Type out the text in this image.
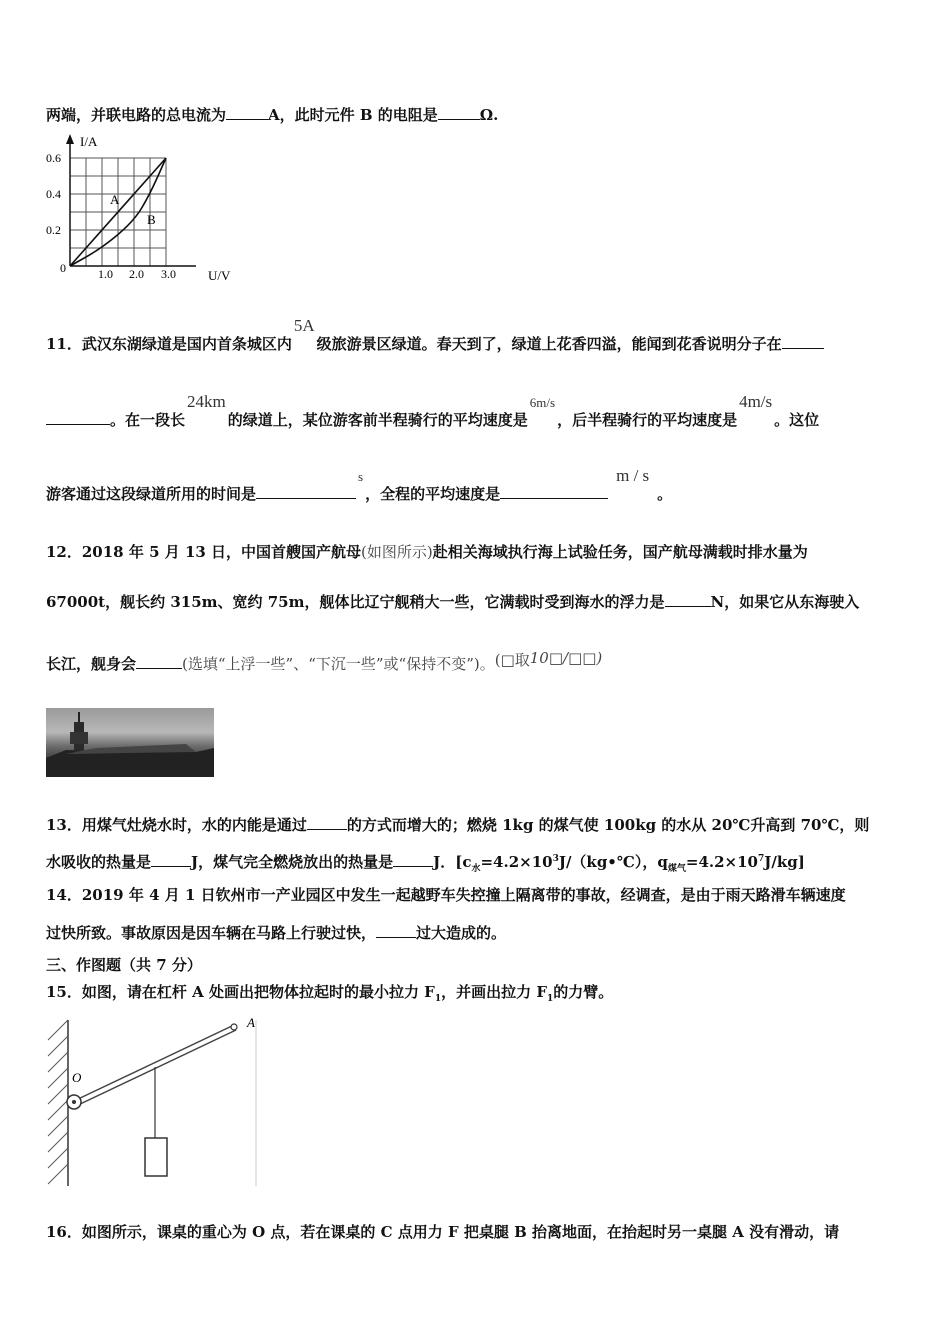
两端，并联电路的总电流为	A，此时元件 B 的电阻是	Ω.
I/A
U/V
0.6
0.4
0.2
0	1.0 2.0 3.0
A
B
11．武汉东湖绿道是国内首条城区内5A级旅游景区绿道。春天到了，绿道上花香四溢，能闻到花香说明分子在
。在一段长24km的绿道上，某位游客前半程骑行的平均速度是6m/s，后半程骑行的平均速度是4m/s。这位
游客通过这段绿道所用的时间是s，全程的平均速度是m / s。
12．2018 年 5 月 13 日，中国首艘国产航母(如图所示)赴相关海域执行海上试验任务，国产航母满载时排水量为
67000t，舰长约 315m、宽约 75m，舰体比辽宁舰稍大一些，它满载时受到海水的浮力是	N，如果它从东海驶入
长江，舰身会	(选填“上浮一些”、“下沉一些”或“保持不变”)。(□取10□/□□)
13．用煤气灶烧水时，水的内能是通过	的方式而增大的；燃烧 1kg 的煤气使 100kg 的水从 20℃升高到 70℃，则
水吸收的热量是	J，煤气完全燃烧放出的热量是	J．[$c_水=4.2\times 10^3J/(kg•℃)$，$q_{煤气}=4.2\times 10^7J/kg$]
14．2019 年 4 月 1 日钦州市一产业园区中发生一起越野车失控撞上隔离带的事故，经调查，是由于雨天路滑车辆速度
过快所致。事故原因是因车辆在马路上行驶过快，	过大造成的。
三、作图题（共 7 分）
15．如图，请在杠杆 A 处画出把物体拉起时的最小拉力 $F_1$，并画出拉力 $F_1$的力臂。
A
O
16．如图所示，课桌的重心为 O 点，若在课桌的 C 点用力 F 把桌腿 B 抬离地面，在抬起时另一桌腿 A 没有滑动，请
